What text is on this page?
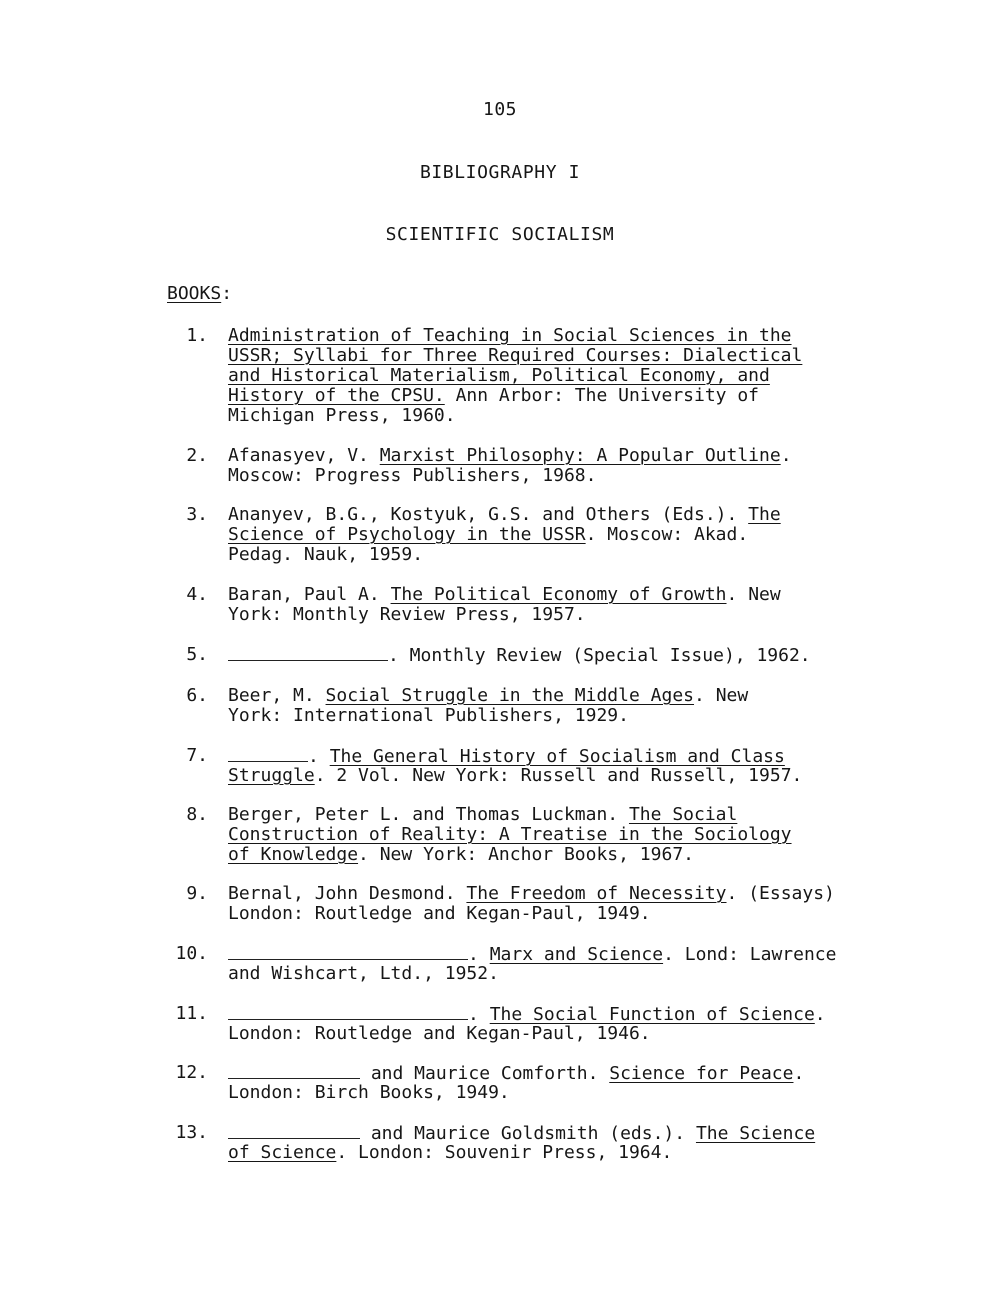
105
BIBLIOGRAPHY I
SCIENTIFIC SOCIALISM
BOOKS:
1. Administration of Teaching in Social Sciences in the
USSR; Syllabi for Three Required Courses: Dialectical
and Historical Materialism, Political Economy, and
History of the CPSU. Ann Arbor: The University of
Michigan Press, 1960.
2. Afanasyev, V. Marxist Philosophy: A Popular Outline.
Moscow: Progress Publishers, 1968.
3. Ananyev, B.G., Kostyuk, G.S. and Others (Eds.). The
Science of Psychology in the USSR. Moscow: Akad.
Pedag. Nauk, 1959.
4. Baran, Paul A. The Political Economy of Growth. New
York: Monthly Review Press, 1957.
5.	. Monthly Review (Special Issue), 1962.
6. Beer, M. Social Struggle in the Middle Ages. New
York: International Publishers, 1929.
7.	. The General History of Socialism and Class
Struggle. 2 Vol. New York: Russell and Russell, 1957.
8. Berger, Peter L. and Thomas Luckman. The Social
Construction of Reality: A Treatise in the Sociology
of Knowledge. New York: Anchor Books, 1967.
9. Bernal, John Desmond. The Freedom of Necessity. (Essays)
London: Routledge and Kegan-Paul, 1949.
10.	. Marx and Science. Lond: Lawrence
and Wishcart, Ltd., 1952.
11.	. The Social Function of Science.
London: Routledge and Kegan-Paul, 1946.
12.	and Maurice Comforth. Science for Peace.
London: Birch Books, 1949.
13.	and Maurice Goldsmith (eds.). The Science
of Science. London: Souvenir Press, 1964.
